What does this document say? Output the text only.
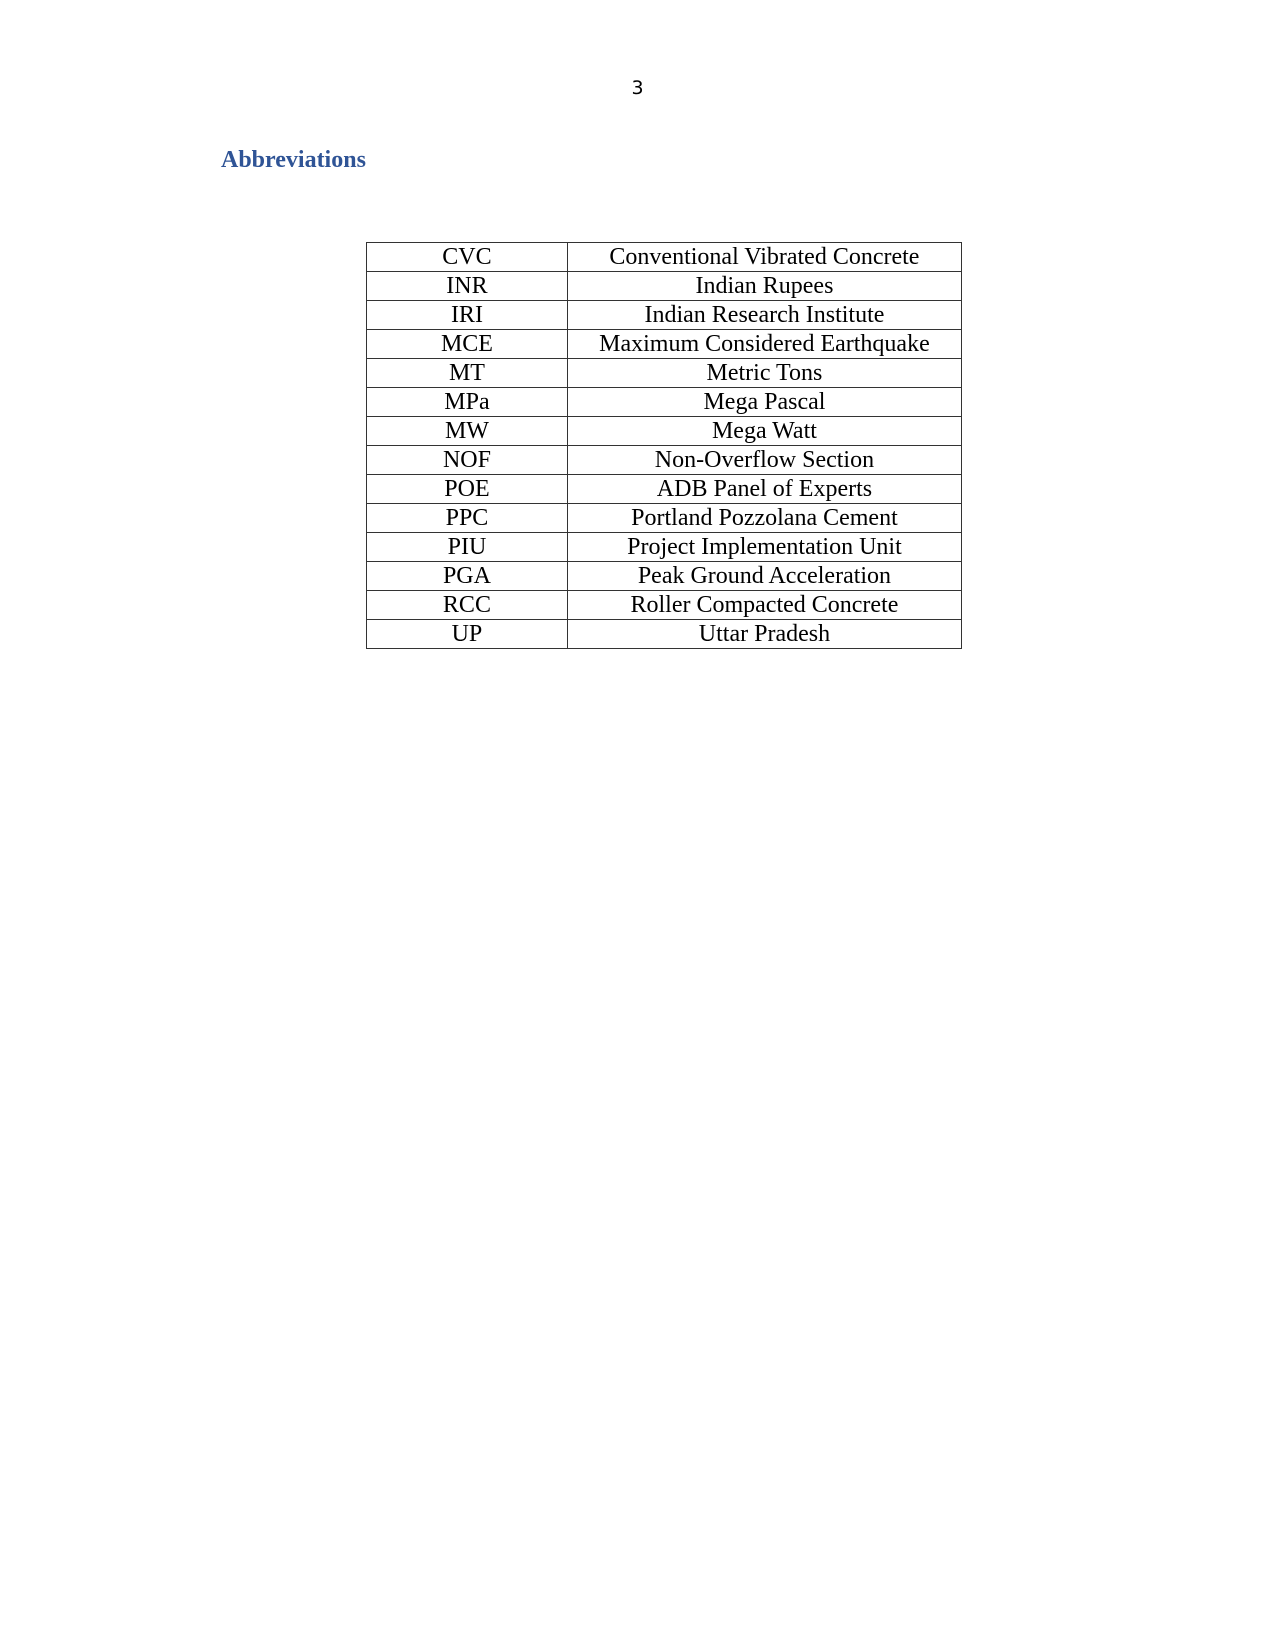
3
Abbreviations
CVC	Conventional Vibrated Concrete
INR	Indian Rupees
IRI	Indian Research Institute
MCE	Maximum Considered Earthquake
MT	Metric Tons
MPa	Mega Pascal
MW	Mega Watt
NOF	Non-Overflow Section
POE	ADB Panel of Experts
PPC	Portland Pozzolana Cement
PIU	Project Implementation Unit
PGA	Peak Ground Acceleration
RCC	Roller Compacted Concrete
UP	Uttar Pradesh
